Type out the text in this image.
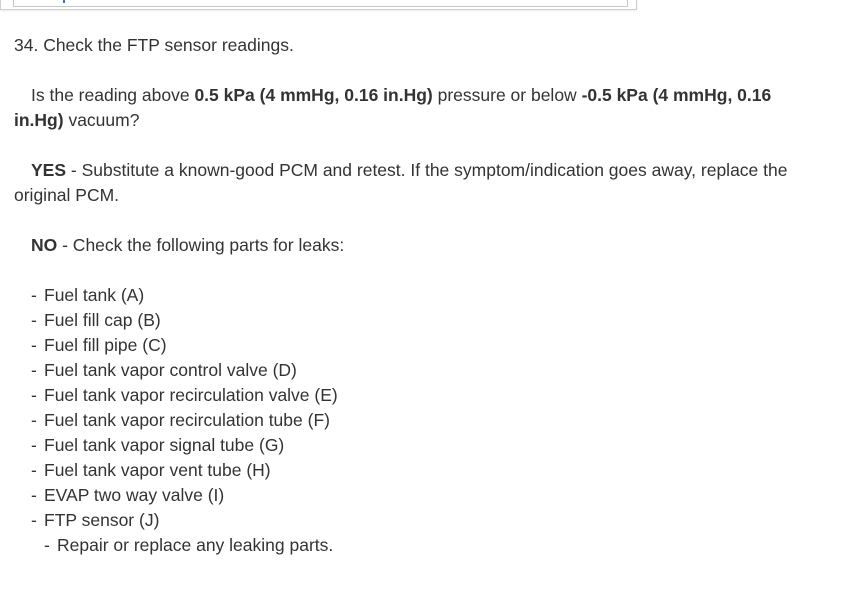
34. Check the FTP sensor readings.

Is the reading above 0.5 kPa (4 mmHg, 0.16 in.Hg) pressure or below -0.5 kPa (4 mmHg, 0.16 in.Hg) vacuum?

YES - Substitute a known-good PCM and retest. If the symptom/indication goes away, replace the original PCM.

NO - Check the following parts for leaks:

- Fuel tank (A)
- Fuel fill cap (B)
- Fuel fill pipe (C)
- Fuel tank vapor control valve (D)
- Fuel tank vapor recirculation valve (E)
- Fuel tank vapor recirculation tube (F)
- Fuel tank vapor signal tube (G)
- Fuel tank vapor vent tube (H)
- EVAP two way valve (I)
- FTP sensor (J)

- Repair or replace any leaking parts.
